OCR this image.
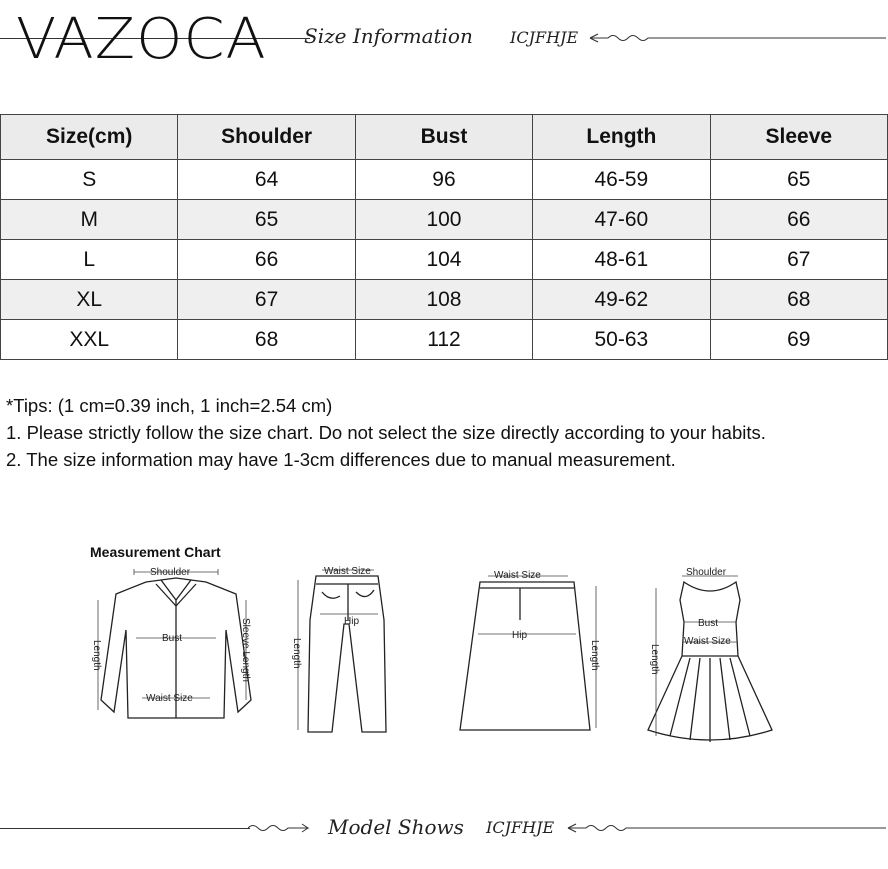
VAZOCA Size Information ICJFHJE
Size(cm)	Shoulder	Bust	Length	Sleeve
S	64	96	46-59	65
M	65	100	47-60	66
L	66	104	48-61	67
XL	67	108	49-62	68
XXL	68	112	50-63	69
*Tips: (1 cm=0.39 inch, 1 inch=2.54 cm)
1. Please strictly follow the size chart. Do not select the size directly according to your habits.
2. The size information may have 1-3cm differences due to manual measurement.
Measurement Chart
Shoulder
Bust
Waist Size
Length	Sleeve Length
Waist Size
Hip
Length
Waist Size
Hip
Length
Shoulder
Bust
Waist Size
Length
Model Shows ICJFHJE
